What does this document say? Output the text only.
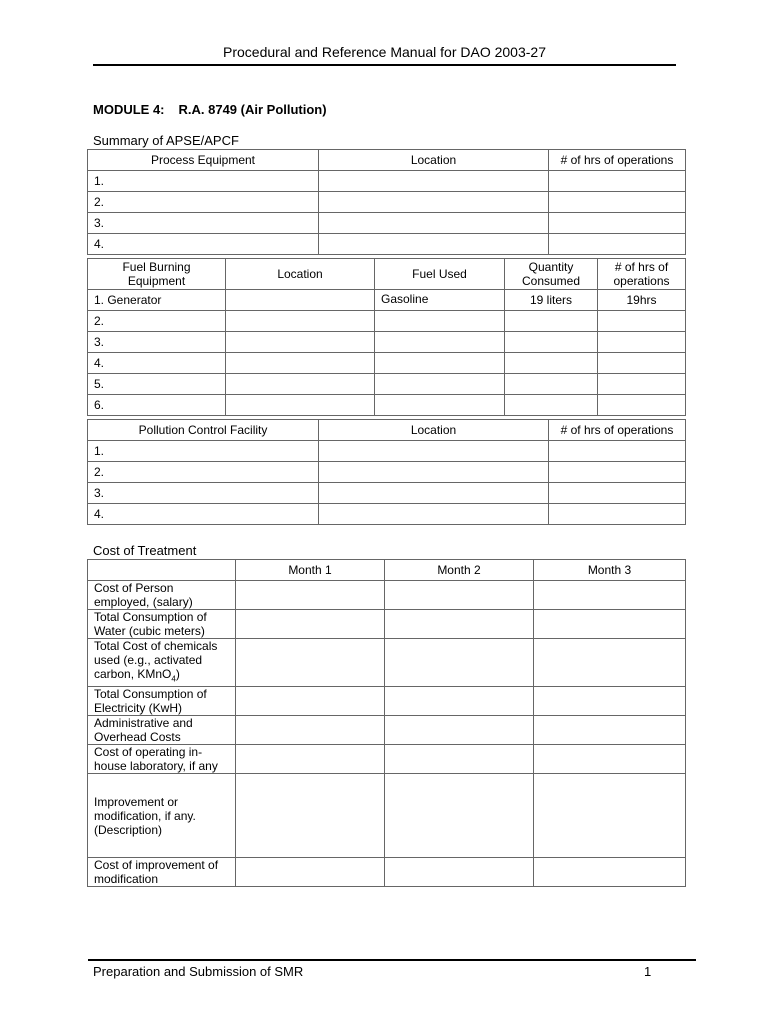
Procedural and Reference Manual for DAO 2003-27
MODULE 4: R.A. 8749 (Air Pollution)
Summary of APSE/APCF
Process Equipment	Location	# of hrs of operations
1.		
2.		
3.		
4.		
Fuel Burning Equipment	Location	Fuel Used	Quantity Consumed	# of hrs of operations
1. Generator		Gasoline	19 liters	19hrs
2.				
3.				
4.				
5.				
6.				
Pollution Control Facility	Location	# of hrs of operations
1.		
2.		
3.		
4.		
Cost of Treatment
	Month 1	Month 2	Month 3
Cost of Person employed, (salary)			
Total Consumption of Water (cubic meters)			
Total Cost of chemicals used (e.g., activated carbon, KMnO$_4$)			
Total Consumption of Electricity (KwH)			
Administrative and Overhead Costs			
Cost of operating in-house laboratory, if any			
Improvement or modification, if any. (Description)			
Cost of improvement of modification			
Preparation and Submission of SMR	1
